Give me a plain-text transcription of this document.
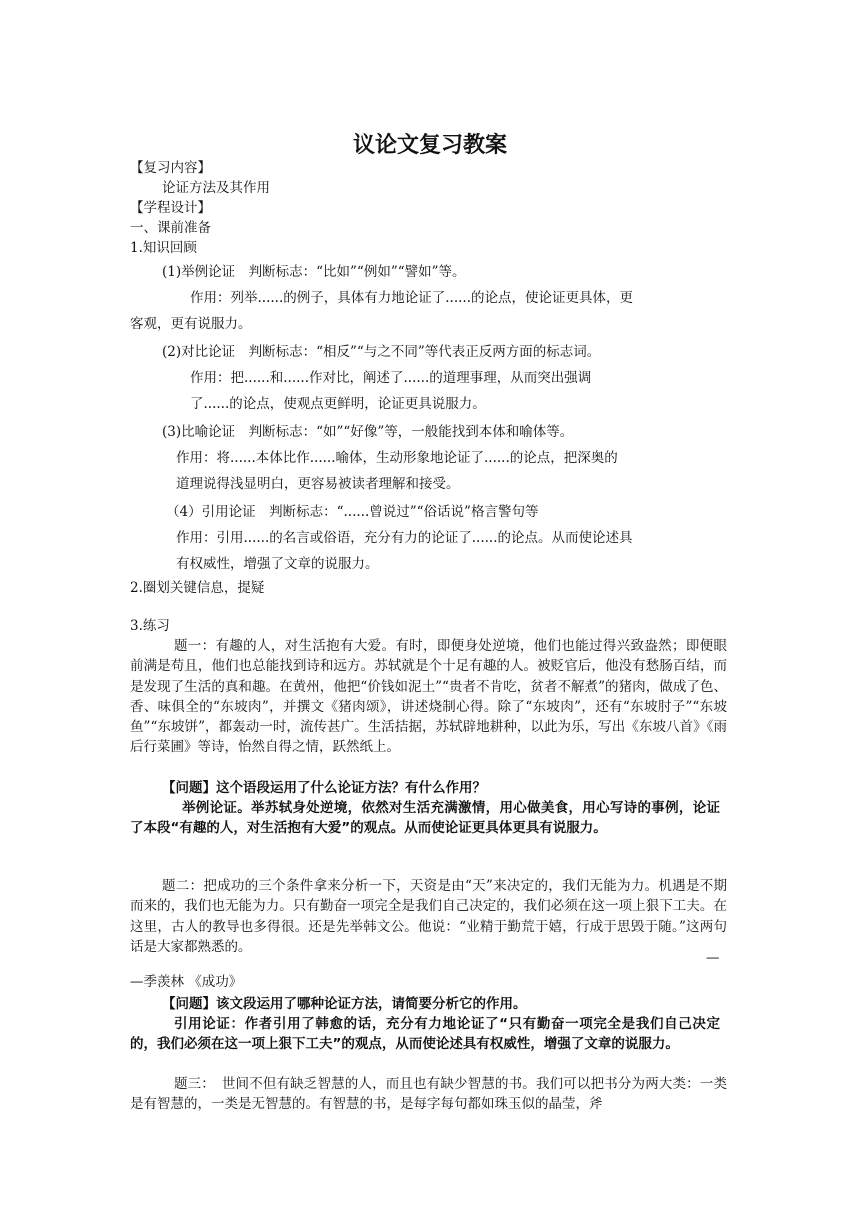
议论文复习教案
【复习内容】
论证方法及其作用
【学程设计】
一、课前准备
1.知识回顾
(1)举例论证　判断标志：“比如”“例如”“譬如”等。
作用：列举......的例子，具体有力地论证了......的论点，使论证更具体，更
客观，更有说服力。
(2)对比论证　判断标志：“相反”“与之不同”等代表正反两方面的标志词。
作用：把......和......作对比，阐述了......的道理事理，从而突出强调
了......的论点，使观点更鲜明，论证更具说服力。
(3)比喻论证　判断标志：“如”“好像”等，一般能找到本体和喻体等。
作用：将......本体比作......喻体，生动形象地论证了......的论点，把深奥的
道理说得浅显明白，更容易被读者理解和接受。
（4）引用论证　判断标志：“......曾说过”“俗话说”格言警句等
作用：引用......的名言或俗语，充分有力的论证了......的论点。从而使论述具
有权威性，增强了文章的说服力。
2.圈划关键信息，提疑
3.练习
题一：有趣的人，对生活抱有大爱。有时，即便身处逆境，他们也能过得兴致盎然；即便眼前满是苟且，他们也总能找到诗和远方。苏轼就是个十足有趣的人。被贬官后，他没有愁肠百结，而是发现了生活的真和趣。在黄州，他把“价钱如泥土”“贵者不肯吃，贫者不解煮”的猪肉，做成了色、香、味俱全的“东坡肉”，并撰文《猪肉颂》，讲述烧制心得。除了“东坡肉”，还有“东坡肘子”“东坡鱼”“东坡饼”，都轰动一时，流传甚广。生活拮据，苏轼辟地耕种，以此为乐，写出《东坡八首》《雨后行菜圃》等诗，怡然自得之情，跃然纸上。
【问题】这个语段运用了什么论证方法？有什么作用？
举例论证。举苏轼身处逆境，依然对生活充满激情，用心做美食，用心写诗的事例，论证了本段“有趣的人，对生活抱有大爱”的观点。从而使论证更具体更具有说服力。
题二：把成功的三个条件拿来分析一下，天资是由“天”来决定的，我们无能为力。机遇是不期而来的，我们也无能为力。只有勤奋一项完全是我们自己决定的，我们必须在这一项上狠下工夫。在这里，古人的教导也多得很。还是先举韩文公。他说：“业精于勤荒于嬉，行成于思毁于随。”这两句话是大家都熟悉的。
—
—季羡林 《成功》
【问题】该文段运用了哪种论证方法，请简要分析它的作用。
引用论证：作者引用了韩愈的话，充分有力地论证了“只有勤奋一项完全是我们自己决定的，我们必须在这一项上狠下工夫”的观点，从而使论述具有权威性，增强了文章的说服力。
题三：　世间不但有缺乏智慧的人，而且也有缺少智慧的书。我们可以把书分为两大类：一类是有智慧的，一类是无智慧的。有智慧的书，是每字每句都如珠玉似的晶莹，斧
